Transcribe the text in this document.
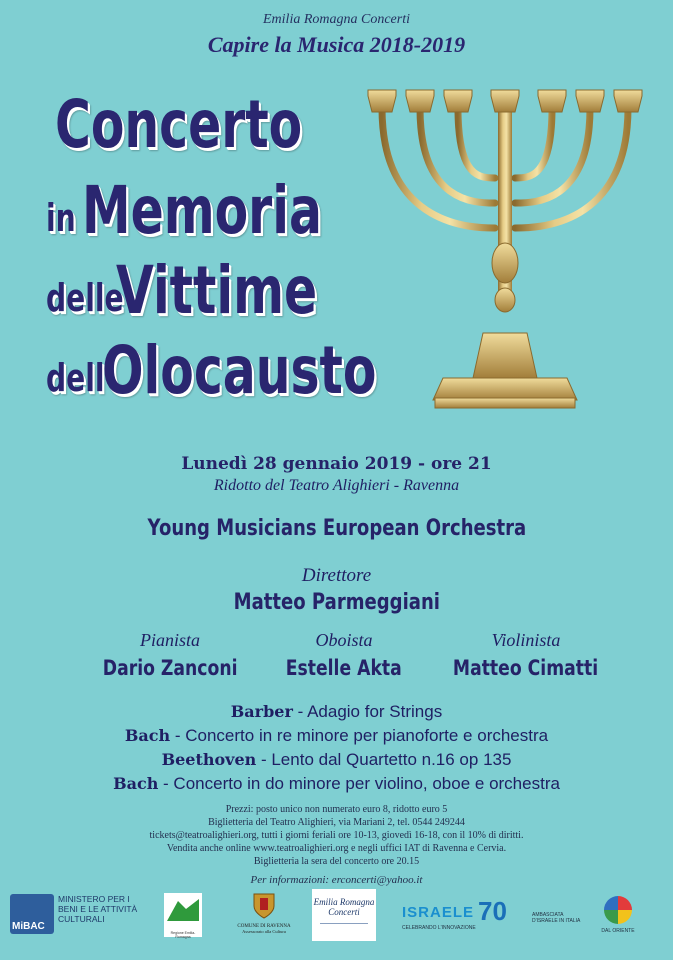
Emilia Romagna Concerti
Capire la Musica 2018-2019
Concerto
in Memoria
delle
Vittime
dell’
Olocausto
Lunedì 28 gennaio 2019 - ore 21
Ridotto del Teatro Alighieri - Ravenna
Young Musicians European Orchestra
Direttore
Matteo Parmeggiani
Pianista	Oboista	Violinista
Dario Zanconi	Estelle Akta	Matteo Cimatti
Barber - Adagio for Strings
Bach - Concerto in re minore per pianoforte e orchestra
Beethoven - Lento dal Quartetto n.16 op 135
Bach - Concerto in do minore per violino, oboe e orchestra
Prezzi: posto unico non numerato euro 8, ridotto euro 5
Biglietteria del Teatro Alighieri, via Mariani 2, tel. 0544 249244
tickets@teatroalighieri.org, tutti i giorni feriali ore 10-13, giovedì 16-18, con il 10% di diritti.
Vendita anche online www.teatroalighieri.org e negli uffici IAT di Ravenna e Cervia.
Biglietteria la sera del concerto ore 20.15
Per informazioni: erconcerti@yahoo.it
MiBAC
MINISTERO PER I BENI E LE ATTIVITÀ CULTURALI
Regione Emilia-Romagna
COMUNE DI RAVENNA
Assessorato alla Cultura
Emilia Romagna
Concerti	ISRAELE 70
CELEBRANDO L'INNOVAZIONE
AMBASCIATA D'ISRAELE IN ITALIA
DAL ORIENTE
